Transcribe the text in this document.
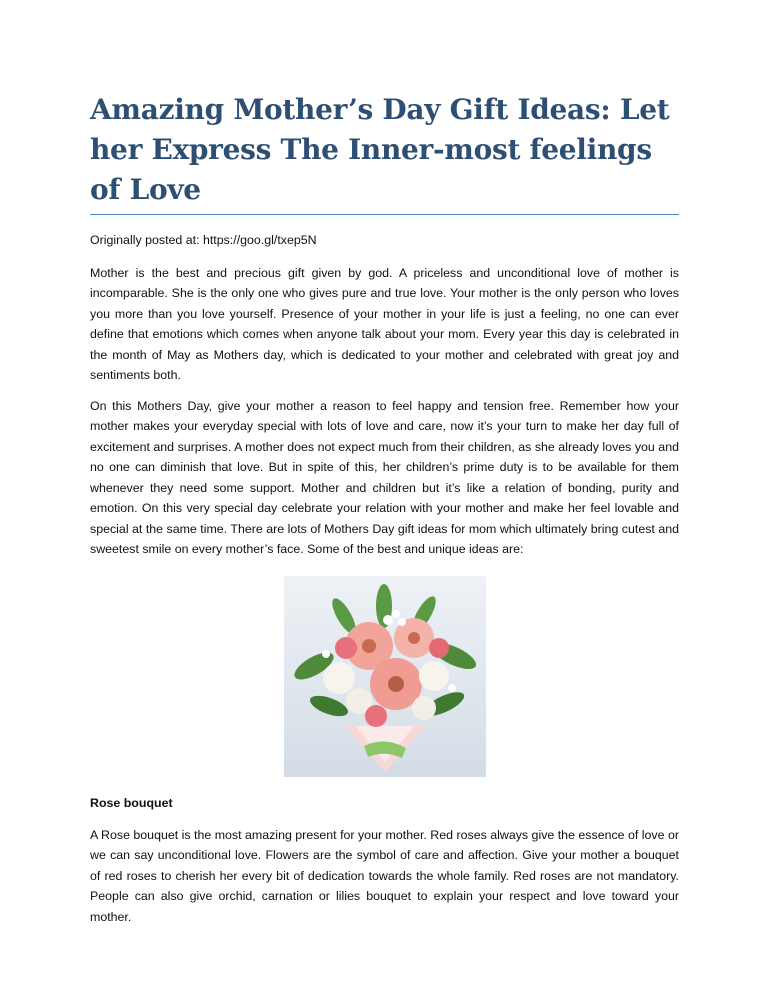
Amazing Mother’s Day Gift Ideas: Let her Express The Inner-most feelings of Love

Originally posted at: https://goo.gl/txep5N

Mother is the best and precious gift given by god. A priceless and unconditional love of mother is incomparable. She is the only one who gives pure and true love. Your mother is the only person who loves you more than you love yourself. Presence of your mother in your life is just a feeling, no one can ever define that emotions which comes when anyone talk about your mom. Every year this day is celebrated in the month of May as Mothers day, which is dedicated to your mother and celebrated with great joy and sentiments both.

On this Mothers Day, give your mother a reason to feel happy and tension free. Remember how your mother makes your everyday special with lots of love and care, now it’s your turn to make her day full of excitement and surprises. A mother does not expect much from their children, as she already loves you and no one can diminish that love. But in spite of this, her children’s prime duty is to be available for them whenever they need some support. Mother and children but it’s like a relation of bonding, purity and emotion. On this very special day celebrate your relation with your mother and make her feel lovable and special at the same time. There are lots of Mothers Day gift ideas for mom which ultimately bring cutest and sweetest smile on every mother’s face. Some of the best and unique ideas are:

Rose bouquet

A Rose bouquet is the most amazing present for your mother. Red roses always give the essence of love or we can say unconditional love. Flowers are the symbol of care and affection. Give your mother a bouquet of red roses to cherish her every bit of dedication towards the whole family. Red roses are not mandatory. People can also give orchid, carnation or lilies bouquet to explain your respect and love toward your mother.
